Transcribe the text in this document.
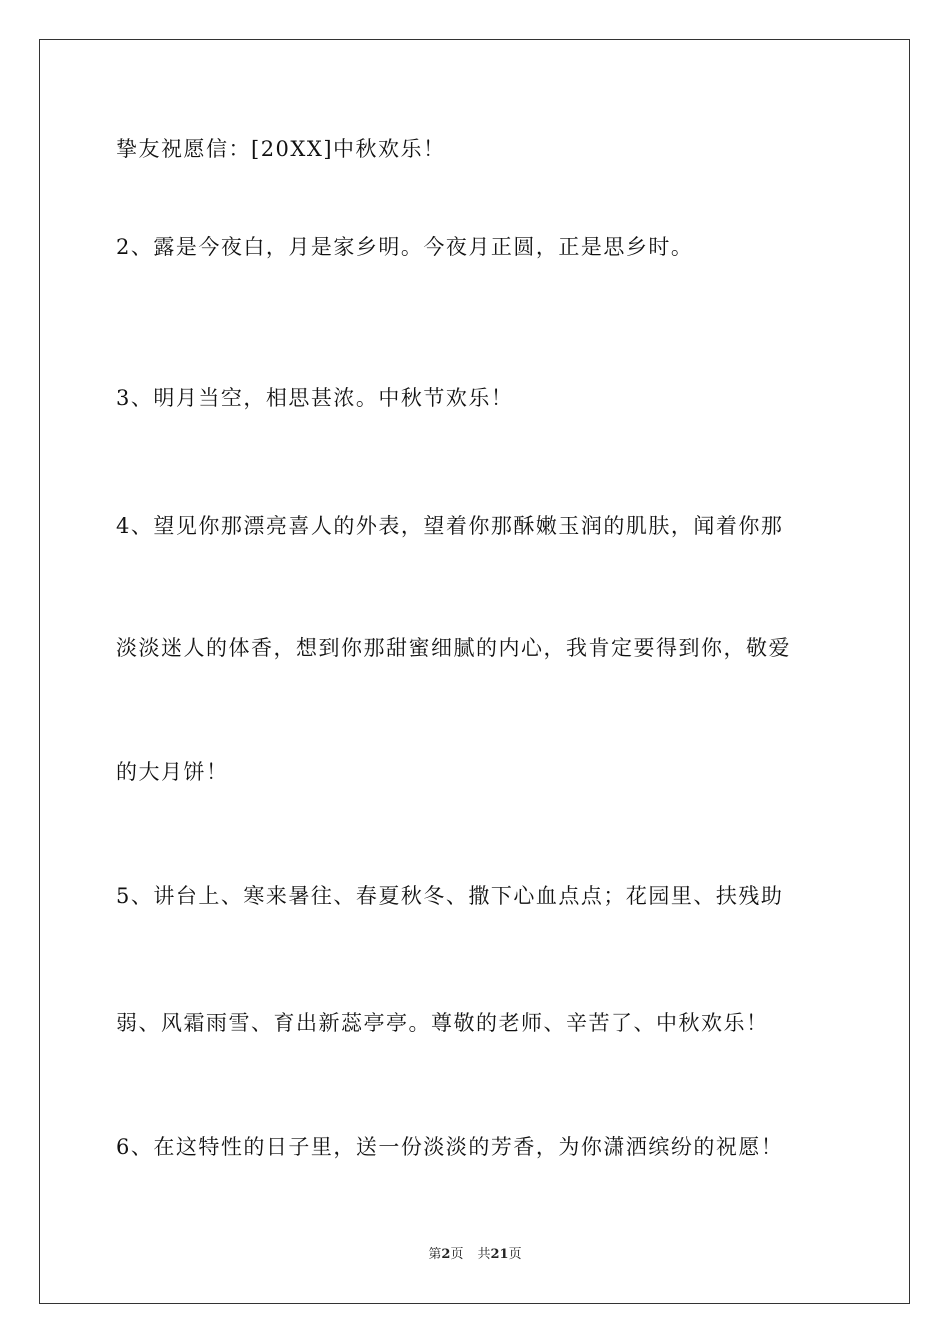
挚友祝愿信：[20XX]中秋欢乐！
2、露是今夜白，月是家乡明。今夜月正圆，正是思乡时。
3、明月当空，相思甚浓。中秋节欢乐！
4、望见你那漂亮喜人的外表，望着你那酥嫩玉润的肌肤，闻着你那
淡淡迷人的体香，想到你那甜蜜细腻的内心，我肯定要得到你，敬爱
的大月饼！
5、讲台上、寒来暑往、春夏秋冬、撒下心血点点；花园里、扶残助
弱、风霜雨雪、育出新蕊亭亭。尊敬的老师、辛苦了、中秋欢乐！
6、在这特性的日子里，送一份淡淡的芳香，为你潇洒缤纷的祝愿！
第2页 共21页
